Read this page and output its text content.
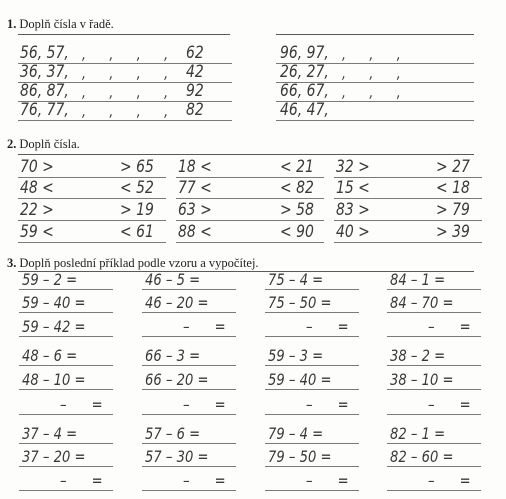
1. Doplň čísla v řadě.
2. Doplň čísla.
3. Doplň poslední příklad podle vzoru a vypočítej.
56, 57, ,      ,      ,      , 62
36, 37, ,      ,      ,      , 42
86, 87, ,      ,      ,      , 92
76, 77, ,      ,      ,      , 82
96, 97, ,      ,      ,
26, 27, ,      ,      ,
66, 67, ,      ,      ,
46, 47,
70 >	> 65 18 <	< 21 32 >	> 27
48 <	< 52 77 <	< 82 15 <	< 18
22 >	> 19 63 >	> 58 83 >	> 79
59 <	< 61 88 <	< 90 40 >	> 39
59 – 2 =
59 – 40 =
59 – 42 =
46 – 5 =
46 – 20 =
–      =
75 – 4 =
75 – 50 =
–      =
84 – 1 =
84 – 70 =
–      =
48 – 6 =
48 – 10 =
–      =
66 – 3 =
66 – 20 =
–      =
59 – 3 =
59 – 40 =
–      =
38 – 2 =
38 – 10 =
–      =
37 – 4 =
37 – 20 =
–      =
57 – 6 =
57 – 30 =
–      =
79 – 4 =
79 – 50 =
–      =
82 – 1 =
82 – 60 =
–      =
